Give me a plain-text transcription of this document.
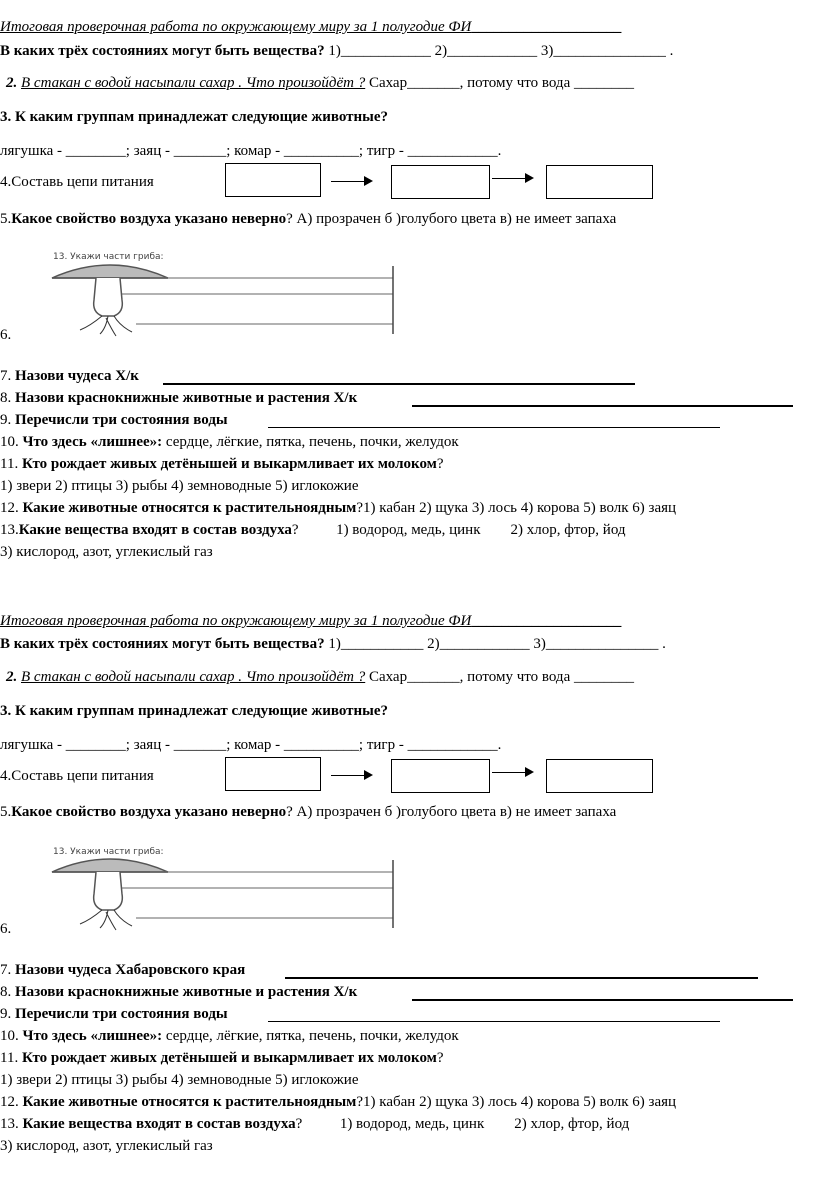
Итоговая проверочная работа по окружающему миру за 1 полугодие ФИ____________________
В каких трёх состояниях могут быть вещества? 1)____________ 2)____________ 3)_______________ .
2. В стакан с водой насыпали сахар . Что произойдёт ? Сахар_______, потому что вода ________
3. К каким группам принадлежат следующие животные?
лягушка - ________; заяц - _______; комар - __________; тигр - ____________.
4.Составь цепи питания
5.Какое свойство воздуха указано неверно? А) прозрачен б )голубого цвета в) не имеет запаха
13. Укажи части гриба:
6.
7. Назови чудеса Х/к
8. Назови краснокнижные животные и растения Х/к
9. Перечисли три состояния воды
10. Что здесь «лишнее»: сердце, лёгкие, пятка, печень, почки, желудок
11. Кто рождает живых детёнышей и выкармливает их молоком?
1) звери 2) птицы 3) рыбы 4) земноводные 5) иглокожие
12. Какие животные относятся к растительноядным?1) кабан 2) щука 3) лось 4) корова 5) волк 6) заяц
13.Какие вещества входят в состав воздуха?          1) водород, медь, цинк        2) хлор, фтор, йод
3) кислород, азот, углекислый газ
Итоговая проверочная работа по окружающему миру за 1 полугодие ФИ____________________
В каких трёх состояниях могут быть вещества? 1)___________ 2)____________ 3)_______________ .
2. В стакан с водой насыпали сахар . Что произойдёт ? Сахар_______, потому что вода ________
3. К каким группам принадлежат следующие животные?
лягушка - ________; заяц - _______; комар - __________; тигр - ____________.
4.Составь цепи питания
5.Какое свойство воздуха указано неверно? А) прозрачен б )голубого цвета в) не имеет запаха
13. Укажи части гриба:
6.
7. Назови чудеса Хабаровского края
8. Назови краснокнижные животные и растения Х/к
9. Перечисли три состояния воды
10. Что здесь «лишнее»: сердце, лёгкие, пятка, печень, почки, желудок
11. Кто рождает живых детёнышей и выкармливает их молоком?
1) звери 2) птицы 3) рыбы 4) земноводные 5) иглокожие
12. Какие животные относятся к растительноядным?1) кабан 2) щука 3) лось 4) корова 5) волк 6) заяц
13. Какие вещества входят в состав воздуха?          1) водород, медь, цинк        2) хлор, фтор, йод
3) кислород, азот, углекислый газ
